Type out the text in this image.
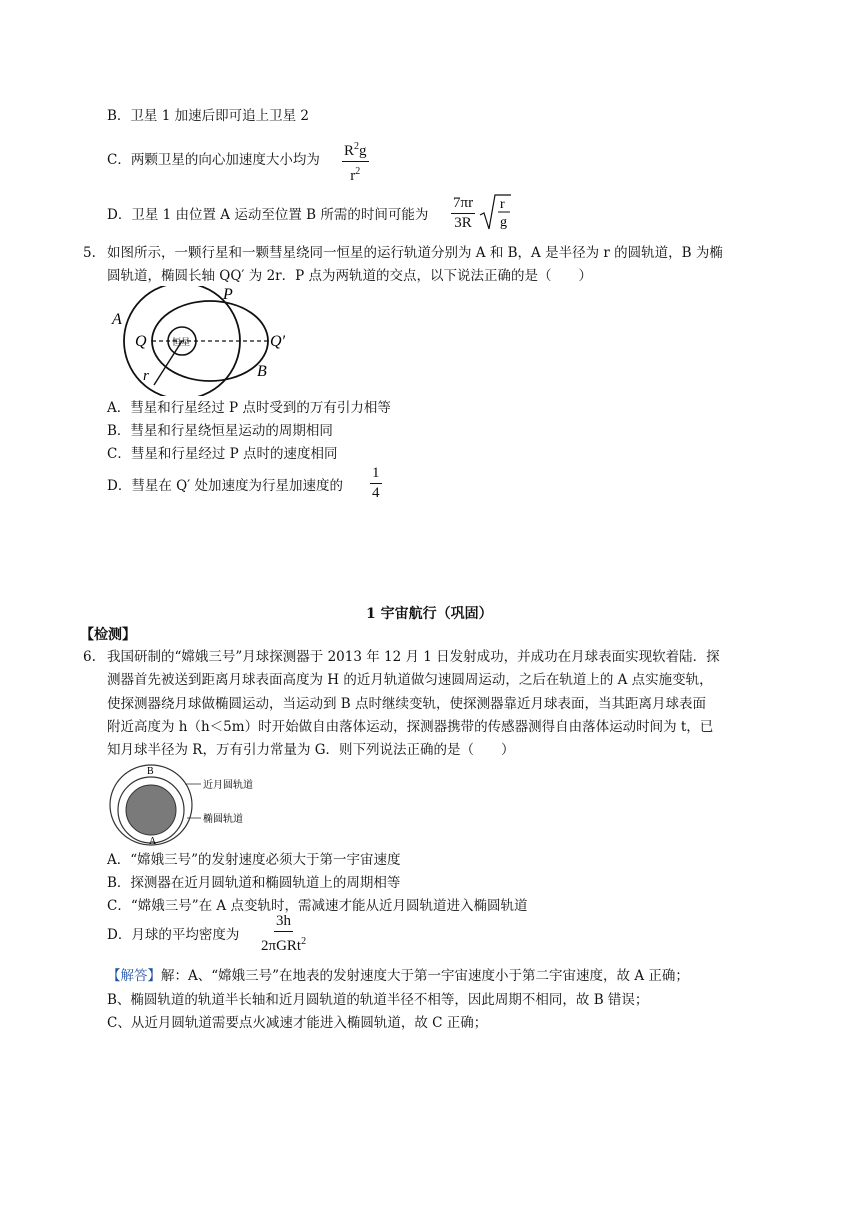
B．卫星 1 加速后即可追上卫星 2
C．两颗卫星的向心加速度大小均为 $\frac{R^2g}{r^2}$
D．卫星 1 由位置 A 运动至位置 B 所需的时间可能为 $\frac{7\pi r}{3R}$
r
g
5. 如图所示，一颗行星和一颗彗星绕同一恒星的运行轨道分别为 A 和 B，A 是半径为 r 的圆轨道，B 为椭
圆轨道，椭圆长轴 QQ′ 为 2r．P 点为两轨道的交点，以下说法正确的是（　　）
A
P
Q	Q′
B
r
恒星
A．彗星和行星经过 P 点时受到的万有引力相等
B．彗星和行星绕恒星运动的周期相同
C．彗星和行星经过 P 点时的速度相同
D．彗星在 Q′ 处加速度为行星加速度的 $\frac{1}{4}$
1 宇宙航行（巩固）
【检测】
6. 我国研制的“嫦娥三号”月球探测器于 2013 年 12 月 1 日发射成功，并成功在月球表面实现软着陆．探
测器首先被送到距离月球表面高度为 H 的近月轨道做匀速圆周运动，之后在轨道上的 A 点实施变轨，
使探测器绕月球做椭圆运动，当运动到 B 点时继续变轨，使探测器靠近月球表面，当其距离月球表面
附近高度为 h（h＜5m）时开始做自由落体运动，探测器携带的传感器测得自由落体运动时间为 t，已
知月球半径为 R，万有引力常量为 G．则下列说法正确的是（　　）
B
A
近月圆轨道
椭圆轨道
A．“嫦娥三号”的发射速度必须大于第一宇宙速度
B．探测器在近月圆轨道和椭圆轨道上的周期相等
C．“嫦娥三号”在 A 点变轨时，需减速才能从近月圆轨道进入椭圆轨道
D．月球的平均密度为 $\frac{3h}{2\pi GRt^2}$
【解答】解：A、“嫦娥三号”在地表的发射速度大于第一宇宙速度小于第二宇宙速度，故 A 正确；
B、椭圆轨道的轨道半长轴和近月圆轨道的轨道半径不相等，因此周期不相同，故 B 错误；
C、从近月圆轨道需要点火减速才能进入椭圆轨道，故 C 正确；
